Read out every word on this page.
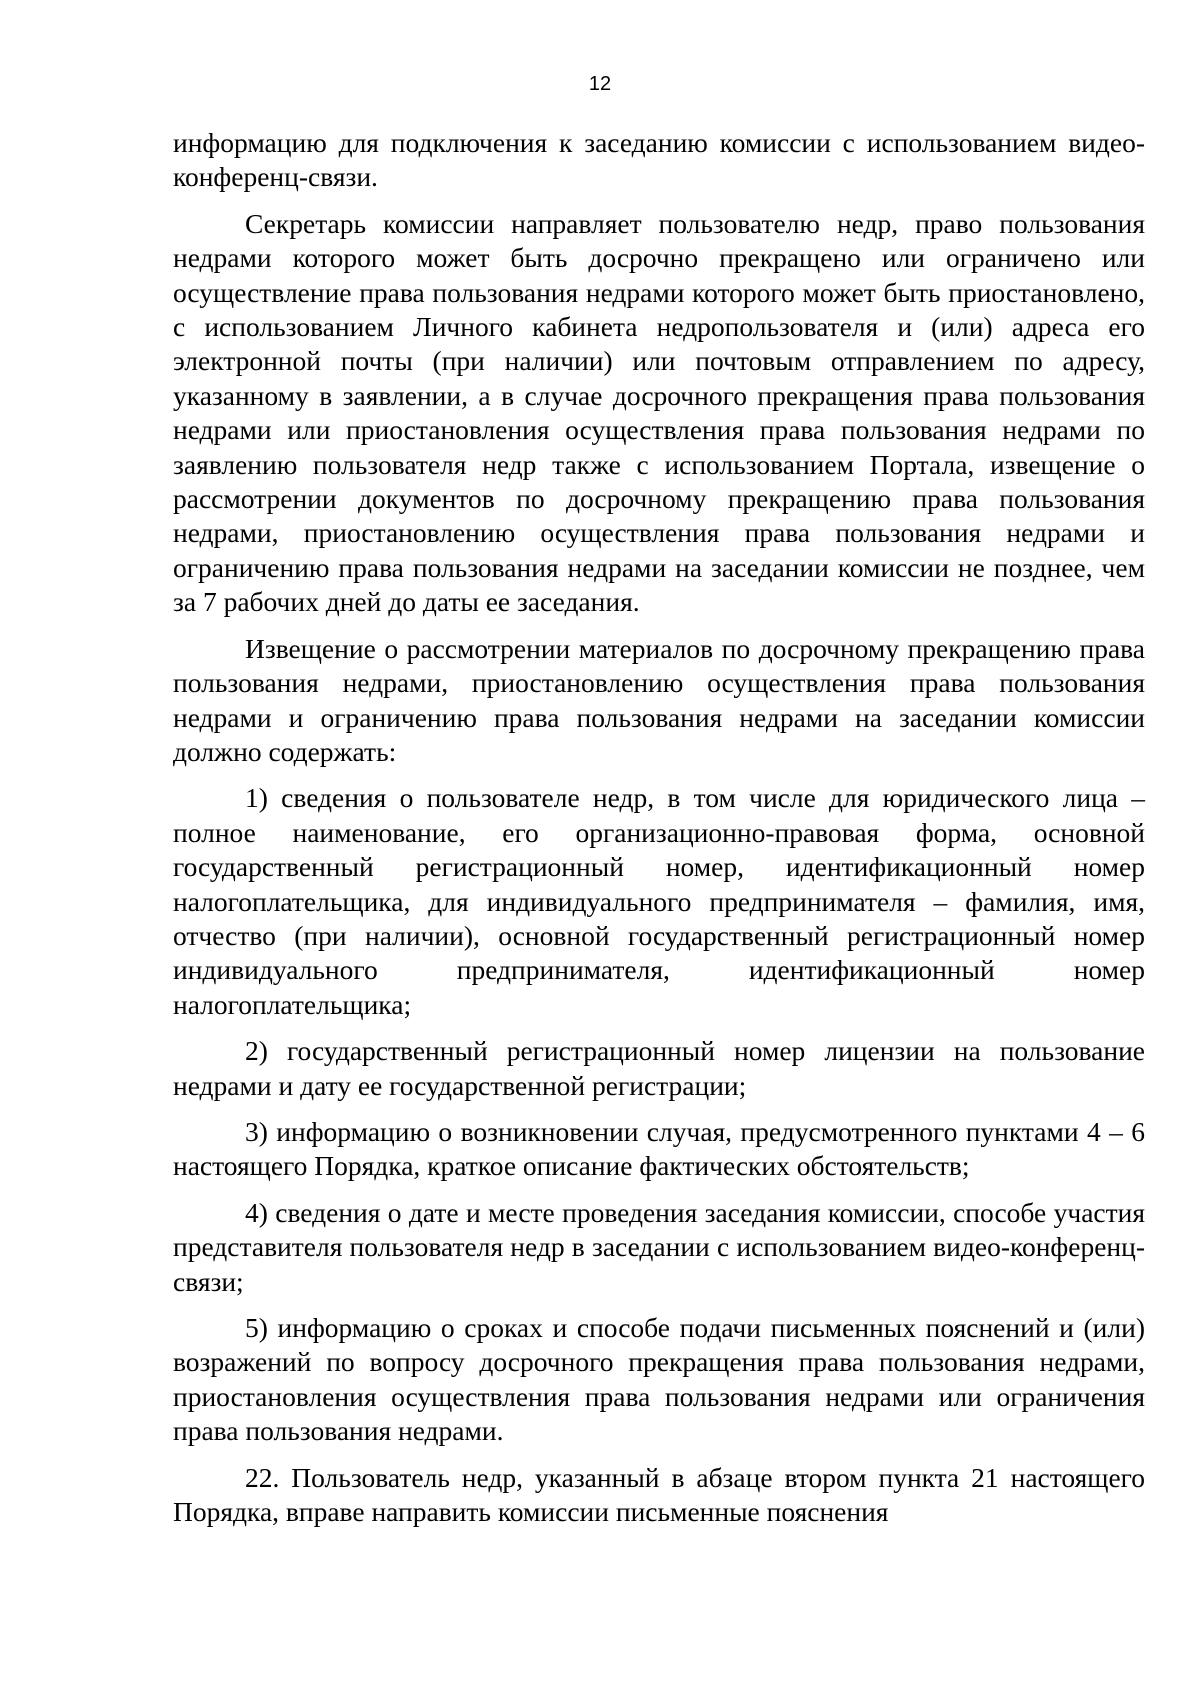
12

информацию для подключения к заседанию комиссии с использованием видео-конференц-связи.

Секретарь комиссии направляет пользователю недр, право пользования недрами которого может быть досрочно прекращено или ограничено или осуществление права пользования недрами которого может быть приостановлено, с использованием Личного кабинета недропользователя и (или) адреса его электронной почты (при наличии) или почтовым отправлением по адресу, указанному в заявлении, а в случае досрочного прекращения права пользования недрами или приостановления осуществления права пользования недрами по заявлению пользователя недр также с использованием Портала, извещение о рассмотрении документов по досрочному прекращению права пользования недрами, приостановлению осуществления права пользования недрами и ограничению права пользования недрами на заседании комиссии не позднее, чем за 7 рабочих дней до даты ее заседания.

Извещение о рассмотрении материалов по досрочному прекращению права пользования недрами, приостановлению осуществления права пользования недрами и ограничению права пользования недрами на заседании комиссии должно содержать:

1) сведения о пользователе недр, в том числе для юридического лица – полное наименование, его организационно-правовая форма, основной государственный регистрационный номер, идентификационный номер налогоплательщика, для индивидуального предпринимателя – фамилия, имя, отчество (при наличии), основной государственный регистрационный номер индивидуального предпринимателя, идентификационный номер налогоплательщика;

2) государственный регистрационный номер лицензии на пользование недрами и дату ее государственной регистрации;

3) информацию о возникновении случая, предусмотренного пунктами 4 – 6 настоящего Порядка, краткое описание фактических обстоятельств;

4) сведения о дате и месте проведения заседания комиссии, способе участия представителя пользователя недр в заседании с использованием видео-конференц-связи;

5) информацию о сроках и способе подачи письменных пояснений и (или) возражений по вопросу досрочного прекращения права пользования недрами, приостановления осуществления права пользования недрами или ограничения права пользования недрами.

22. Пользователь недр, указанный в абзаце втором пункта 21 настоящего Порядка, вправе направить комиссии письменные пояснения
